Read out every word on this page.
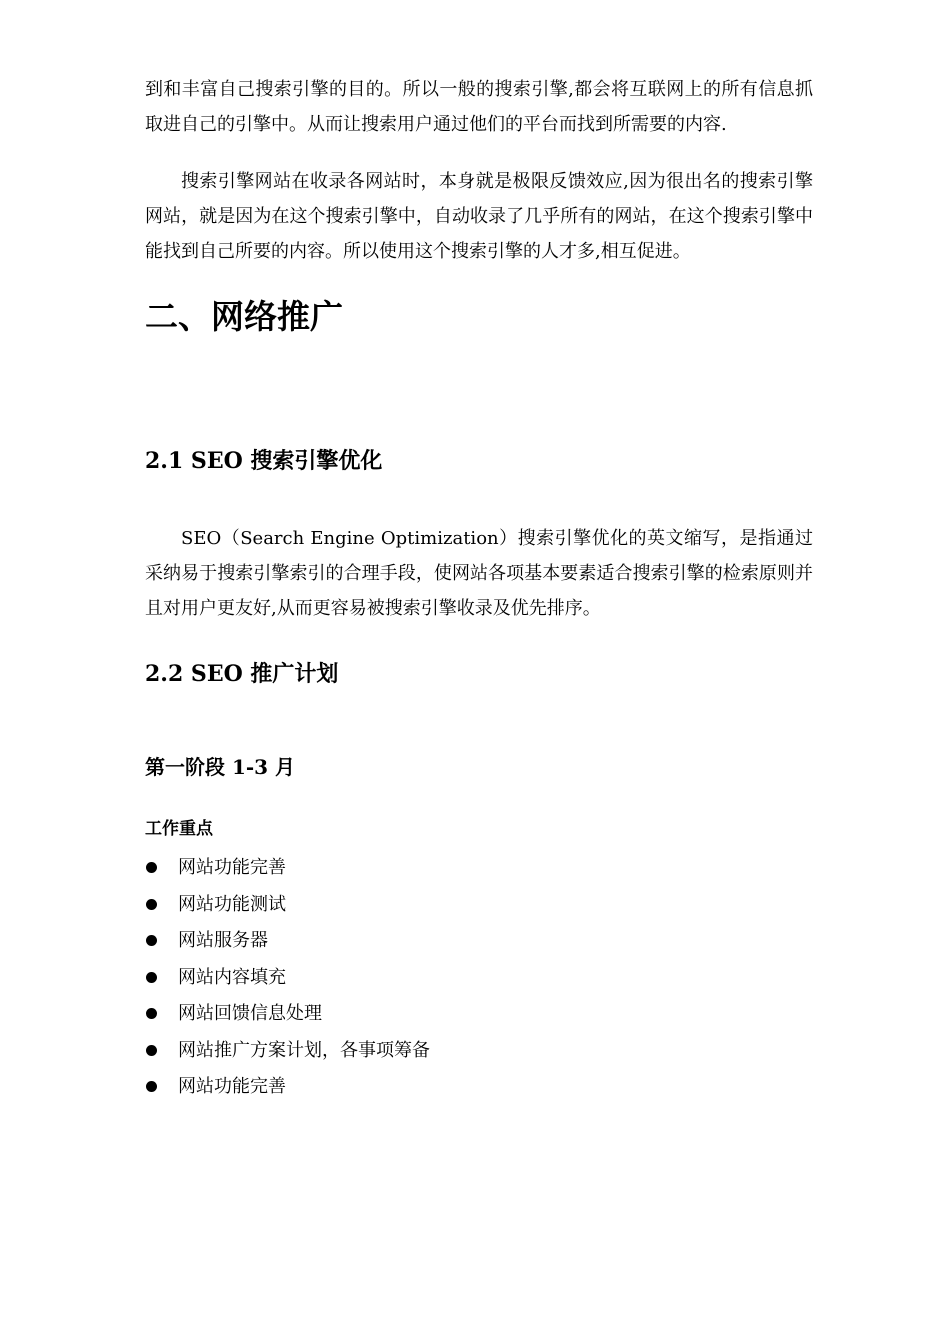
到和丰富自己搜索引擎的目的。所以一般的搜索引擎,都会将互联网上的所有信息抓取进自己的引擎中。从而让搜索用户通过他们的平台而找到所需要的内容.

搜索引擎网站在收录各网站时，本身就是极限反馈效应,因为很出名的搜索引擎网站，就是因为在这个搜索引擎中，自动收录了几乎所有的网站，在这个搜索引擎中能找到自己所要的内容。所以使用这个搜索引擎的人才多,相互促进。

二、网络推广
2.1 SEO 搜索引擎优化

SEO（Search Engine Optimization）搜索引擎优化的英文缩写，是指通过采纳易于搜索引擎索引的合理手段，使网站各项基本要素适合搜索引擎的检索原则并且对用户更友好,从而更容易被搜索引擎收录及优先排序。

2.2 SEO 推广计划
第一阶段 1-3 月
工作重点
网站功能完善
网站功能测试
网站服务器
网站内容填充
网站回馈信息处理
网站推广方案计划，各事项筹备
网站功能完善
